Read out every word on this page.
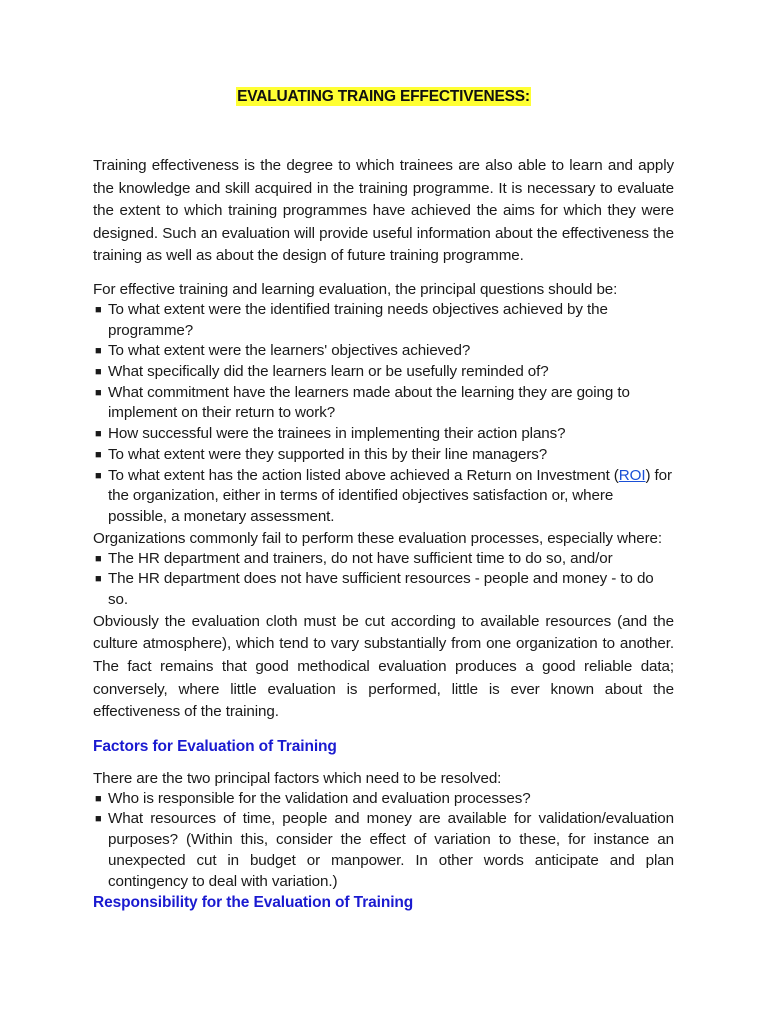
EVALUATING TRAING EFFECTIVENESS:

Training effectiveness is the degree to which trainees are also able to learn and apply the knowledge and skill acquired in the training programme. It is necessary to evaluate the extent to which training programmes have achieved the aims for which they were designed. Such an evaluation will provide useful information about the effectiveness the training as well as about the design of future training programme.

For effective training and learning evaluation, the principal questions should be:

■ To what extent were the identified training needs objectives achieved by the programme?
■ To what extent were the learners' objectives achieved?
■ What specifically did the learners learn or be usefully reminded of?
■ What commitment have the learners made about the learning they are going to implement on their return to work?
■ How successful were the trainees in implementing their action plans?
■ To what extent were they supported in this by their line managers?
■ To what extent has the action listed above achieved a Return on Investment (ROI) for the organization, either in terms of identified objectives satisfaction or, where possible, a monetary assessment.

Organizations commonly fail to perform these evaluation processes, especially where:

■ The HR department and trainers, do not have sufficient time to do so, and/or
■ The HR department does not have sufficient resources - people and money - to do so.

Obviously the evaluation cloth must be cut according to available resources (and the culture atmosphere), which tend to vary substantially from one organization to another. The fact remains that good methodical evaluation produces a good reliable data; conversely, where little evaluation is performed, little is ever known about the effectiveness of the training.

Factors for Evaluation of Training

There are the two principal factors which need to be resolved:

■ Who is responsible for the validation and evaluation processes?
■ What resources of time, people and money are available for validation/evaluation purposes? (Within this, consider the effect of variation to these, for instance an unexpected cut in budget or manpower. In other words anticipate and plan contingency to deal with variation.)

Responsibility for the Evaluation of Training
